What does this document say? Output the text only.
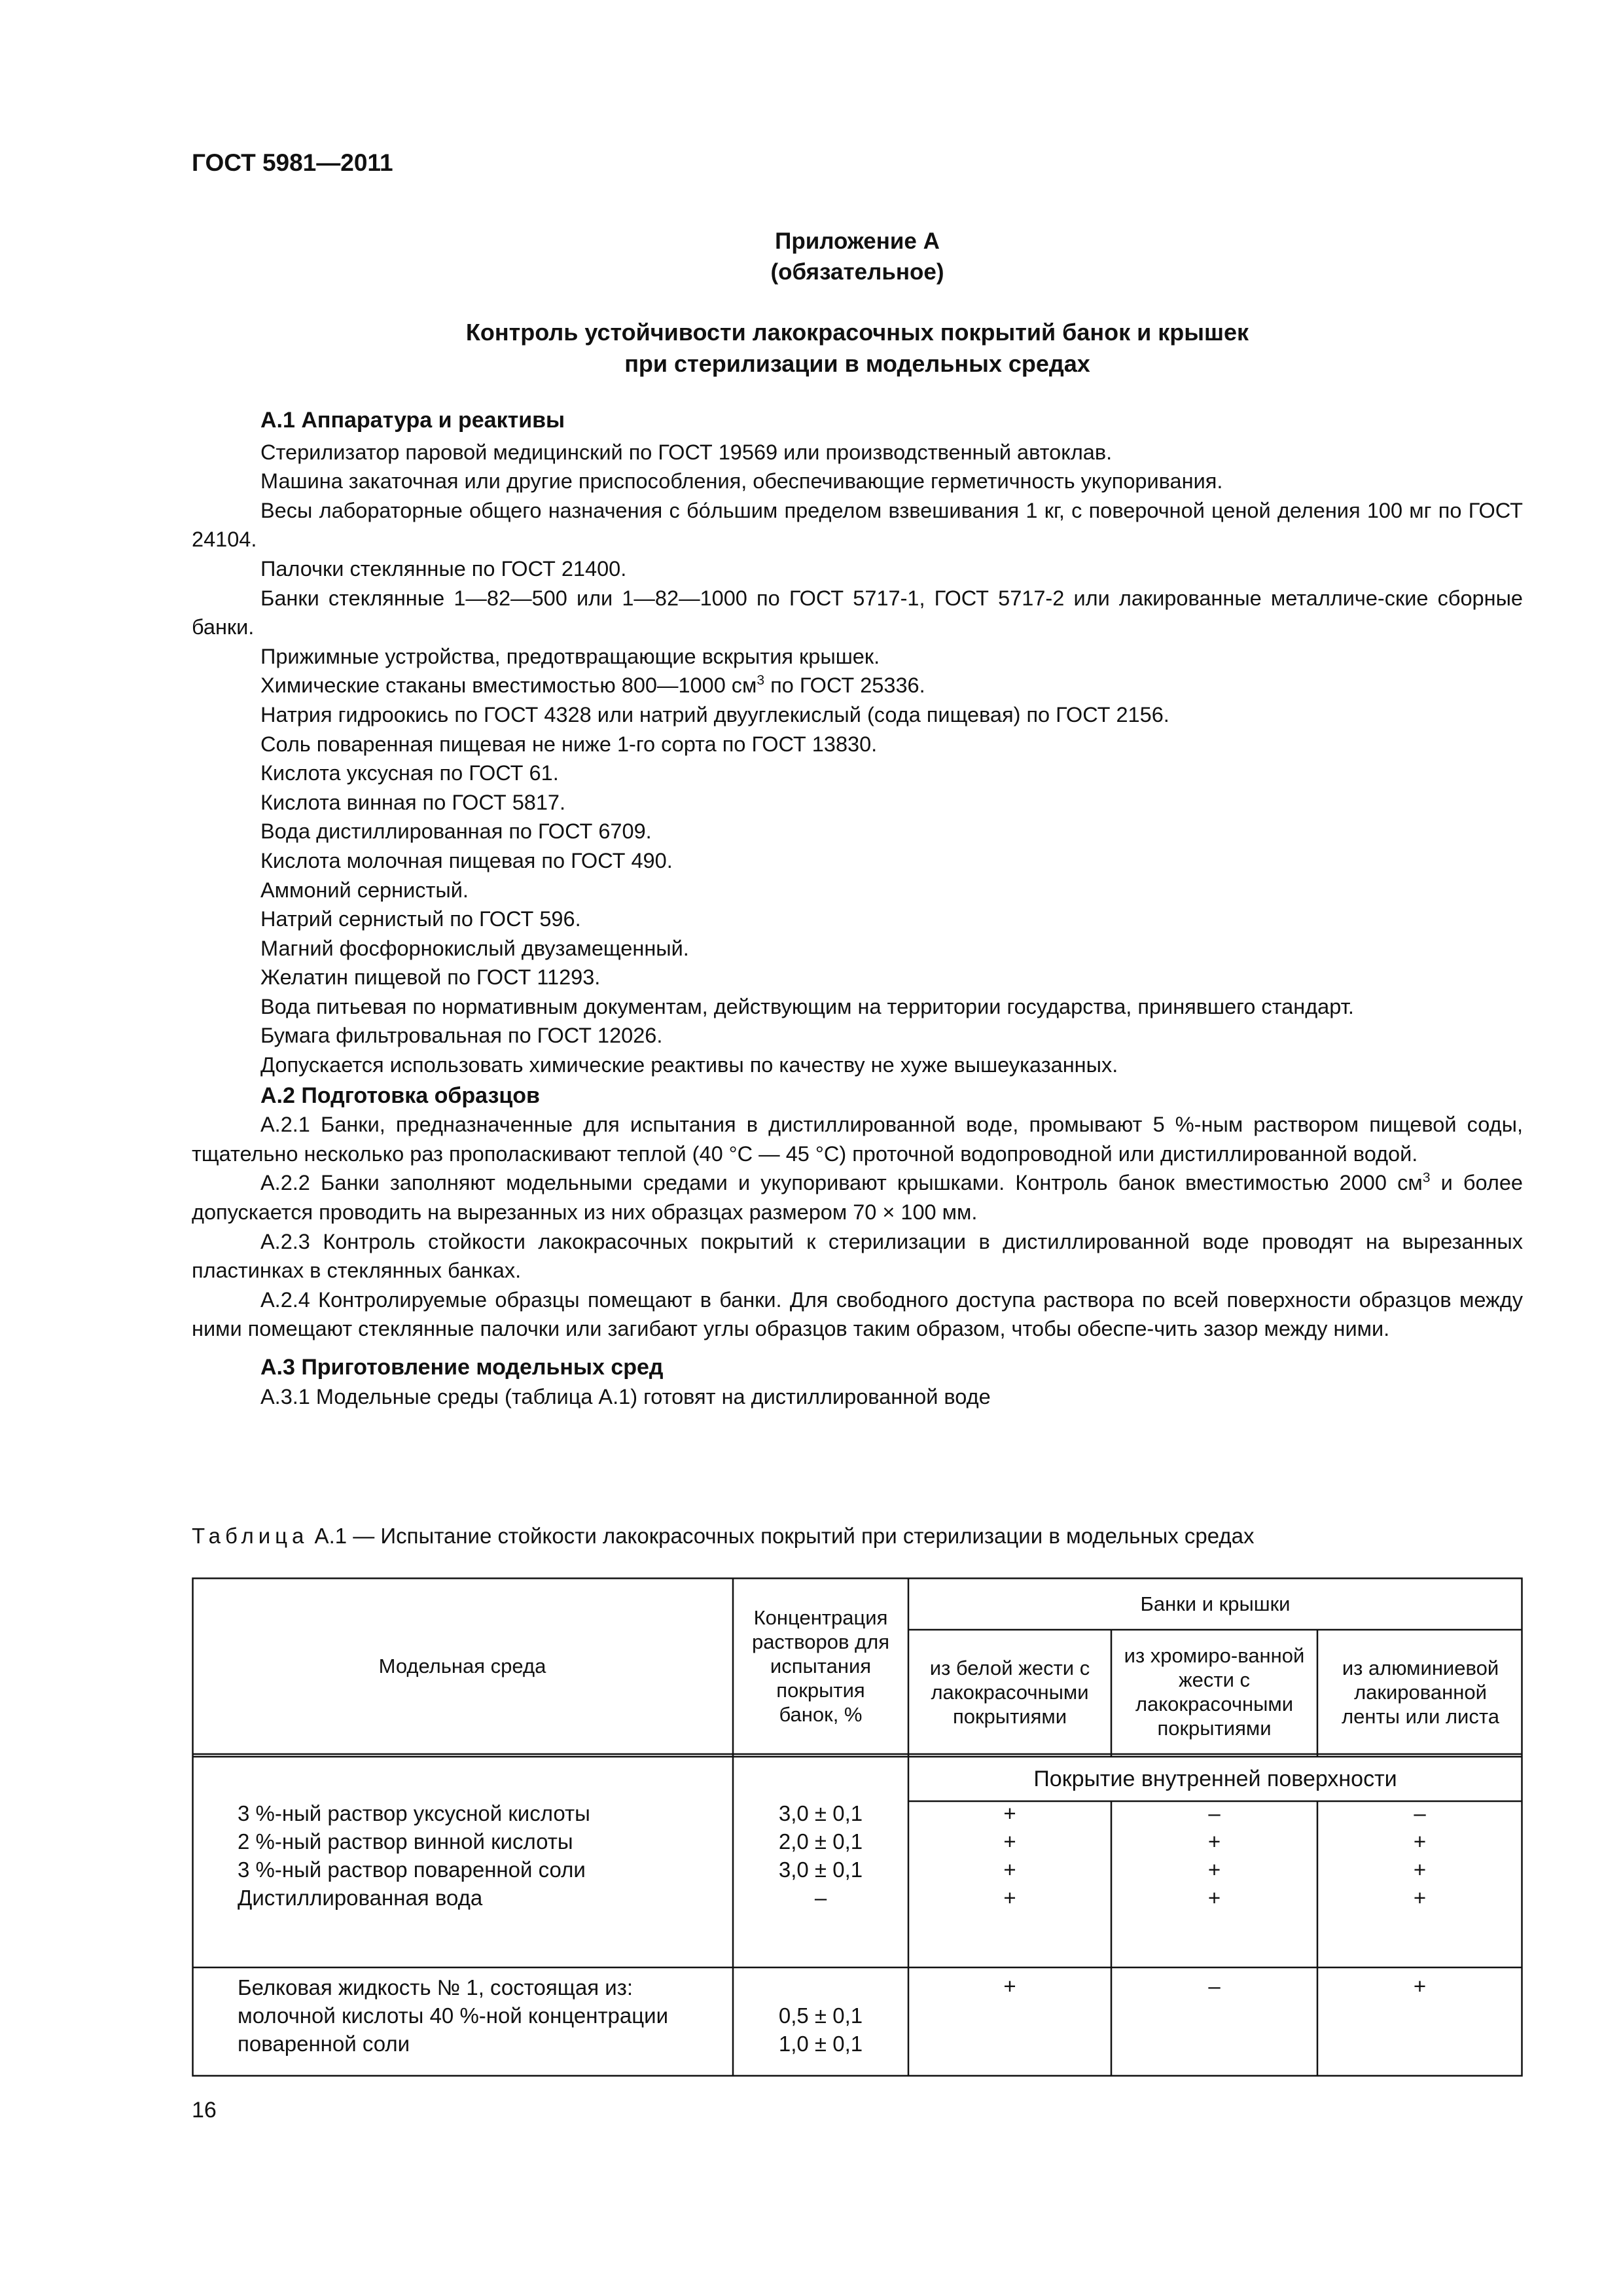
ГОСТ 5981—2011
Приложение А
(обязательное)
Контроль устойчивости лакокрасочных покрытий банок и крышек
при стерилизации в модельных средах
А.1 Аппаратура и реактивы
Стерилизатор паровой медицинский по ГОСТ 19569 или производственный автоклав.
Машина закаточная или другие приспособления, обеспечивающие герметичность укупоривания.
Весы лабораторные общего назначения с бо́льшим пределом взвешивания 1 кг, с поверочной ценой деления 100 мг по ГОСТ 24104.
Палочки стеклянные по ГОСТ 21400.
Банки стеклянные 1—82—500 или 1—82—1000 по ГОСТ 5717-1, ГОСТ 5717-2 или лакированные металличе-ские сборные банки.
Прижимные устройства, предотвращающие вскрытия крышек.
Химические стаканы вместимостью 800—1000 $см^3$ по ГОСТ 25336.
Натрия гидроокись по ГОСТ 4328 или натрий двууглекислый (сода пищевая) по ГОСТ 2156.
Соль поваренная пищевая не ниже 1-го сорта по ГОСТ 13830.
Кислота уксусная по ГОСТ 61.
Кислота винная по ГОСТ 5817.
Вода дистиллированная по ГОСТ 6709.
Кислота молочная пищевая по ГОСТ 490.
Аммоний сернистый.
Натрий сернистый по ГОСТ 596.
Магний фосфорнокислый двузамещенный.
Желатин пищевой по ГОСТ 11293.
Вода питьевая по нормативным документам, действующим на территории государства, принявшего стандарт.
Бумага фильтровальная по ГОСТ 12026.
Допускается использовать химические реактивы по качеству не хуже вышеуказанных.
А.2 Подготовка образцов
А.2.1 Банки, предназначенные для испытания в дистиллированной воде, промывают 5 %-ным раствором пищевой соды, тщательно несколько раз прополаскивают теплой (40 °С — 45 °С) проточной водопроводной или дистиллированной водой.
А.2.2 Банки заполняют модельными средами и укупоривают крышками. Контроль банок вместимостью 2000 $см^3$ и более допускается проводить на вырезанных из них образцах размером 70 × 100 мм.
А.2.3 Контроль стойкости лакокрасочных покрытий к стерилизации в дистиллированной воде проводят на вырезанных пластинках в стеклянных банках.
А.2.4 Контролируемые образцы помещают в банки. Для свободного доступа раствора по всей поверхности образцов между ними помещают стеклянные палочки или загибают углы образцов таким образом, чтобы обеспе-чить зазор между ними.
А.3 Приготовление модельных сред
А.3.1 Модельные среды (таблица А.1) готовят на дистиллированной воде
Таблица А.1 — Испытание стойкости лакокрасочных покрытий при стерилизации в модельных средах
Модельная среда
Концентрация растворов для испытания покрытия банок, %
Банки и крышки
из белой жести с лакокрасочными покрытиями
из хромиро-ванной жести с лакокрасочными покрытиями
из алюминиевой лакированной ленты или листа
Покрытие внутренней поверхности
3 %-ный раствор уксусной кислоты
2 %-ный раствор винной кислоты
3 %-ный раствор поваренной соли
Дистиллированная вода
3,0 ± 0,1
2,0 ± 0,1
3,0 ± 0,1
–
+
+
+
+
–
+
+
+
–
+
+
+
Белковая жидкость № 1, состоящая из:
молочной кислоты 40 %-ной концентрации
поваренной соли
0,5 ± 0,1
1,0 ± 0,1
+	–	+
16
